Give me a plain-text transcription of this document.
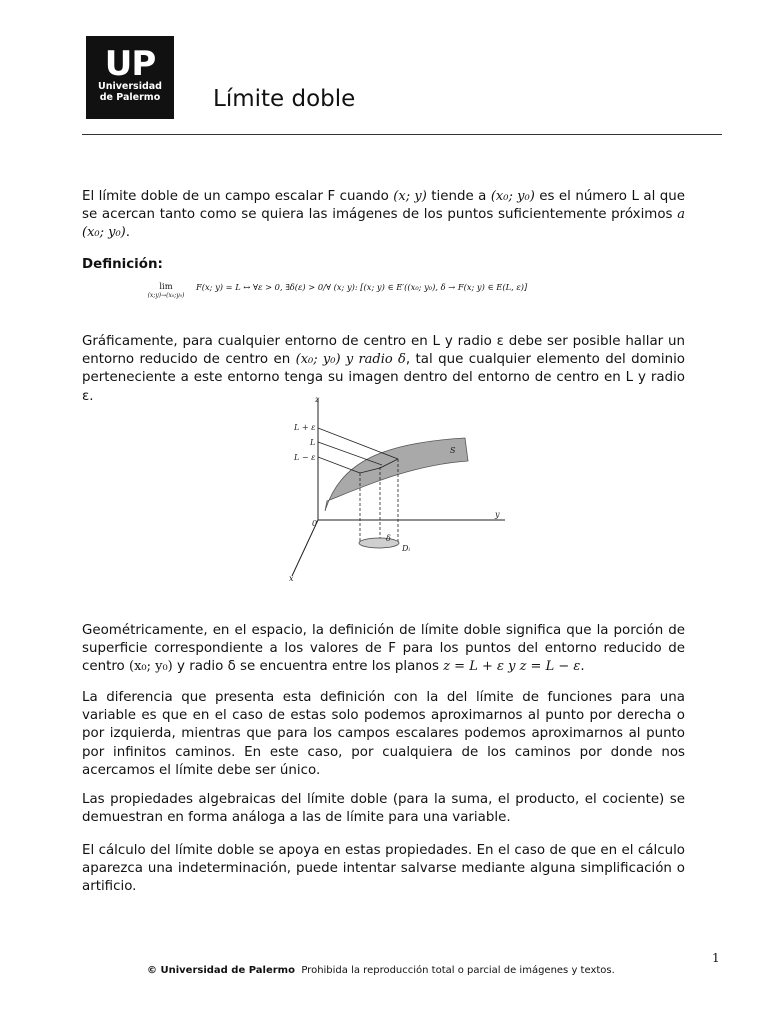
UP
Universidad
de Palermo	Límite doble

El límite doble de un campo escalar F cuando (x; y) tiende a (x₀; y₀) es el número L al que se acercan tanto como se quiera las imágenes de los puntos suficientemente próximos a (x₀; y₀).

Definición:

lim
(x;y)→(x₀;y₀)
F(x; y) = L ↔ ∀ε > 0, ∃δ(ε) > 0/∀ (x; y): [(x; y) ∈ E′((x₀; y₀), δ → F(x; y) ∈ E(L, ε)]

Gráficamente, para cualquier entorno de centro en L y radio ε debe ser posible hallar un entorno reducido de centro en (x₀; y₀) y radio δ, tal que cualquier elemento del dominio perteneciente a este entorno tenga su imagen dentro del entorno de centro en L y radio ε.	z
y
x
0
L + ε
L
L − ε
S
δ
Dᵢ

Geométricamente, en el espacio, la definición de límite doble significa que la porción de superficie correspondiente a los valores de F para los puntos del entorno reducido de centro (x₀; y₀) y radio δ se encuentra entre los planos z = L + ε y z = L − ε.

La diferencia que presenta esta definición con la del límite de funciones para una variable es que en el caso de estas solo podemos aproximarnos al punto por derecha o por izquierda, mientras que para los campos escalares podemos aproximarnos al punto por infinitos caminos. En este caso, por cualquiera de los caminos por donde nos acercamos el límite debe ser único.

Las propiedades algebraicas del límite doble (para la suma, el producto, el cociente) se demuestran en forma análoga a las de límite para una variable.

El cálculo del límite doble se apoya en estas propiedades. En el caso de que en el cálculo aparezca una indeterminación, puede intentar salvarse mediante alguna simplificación o artificio.

1

© Universidad de Palermo Prohibida la reproducción total o parcial de imágenes y textos.
